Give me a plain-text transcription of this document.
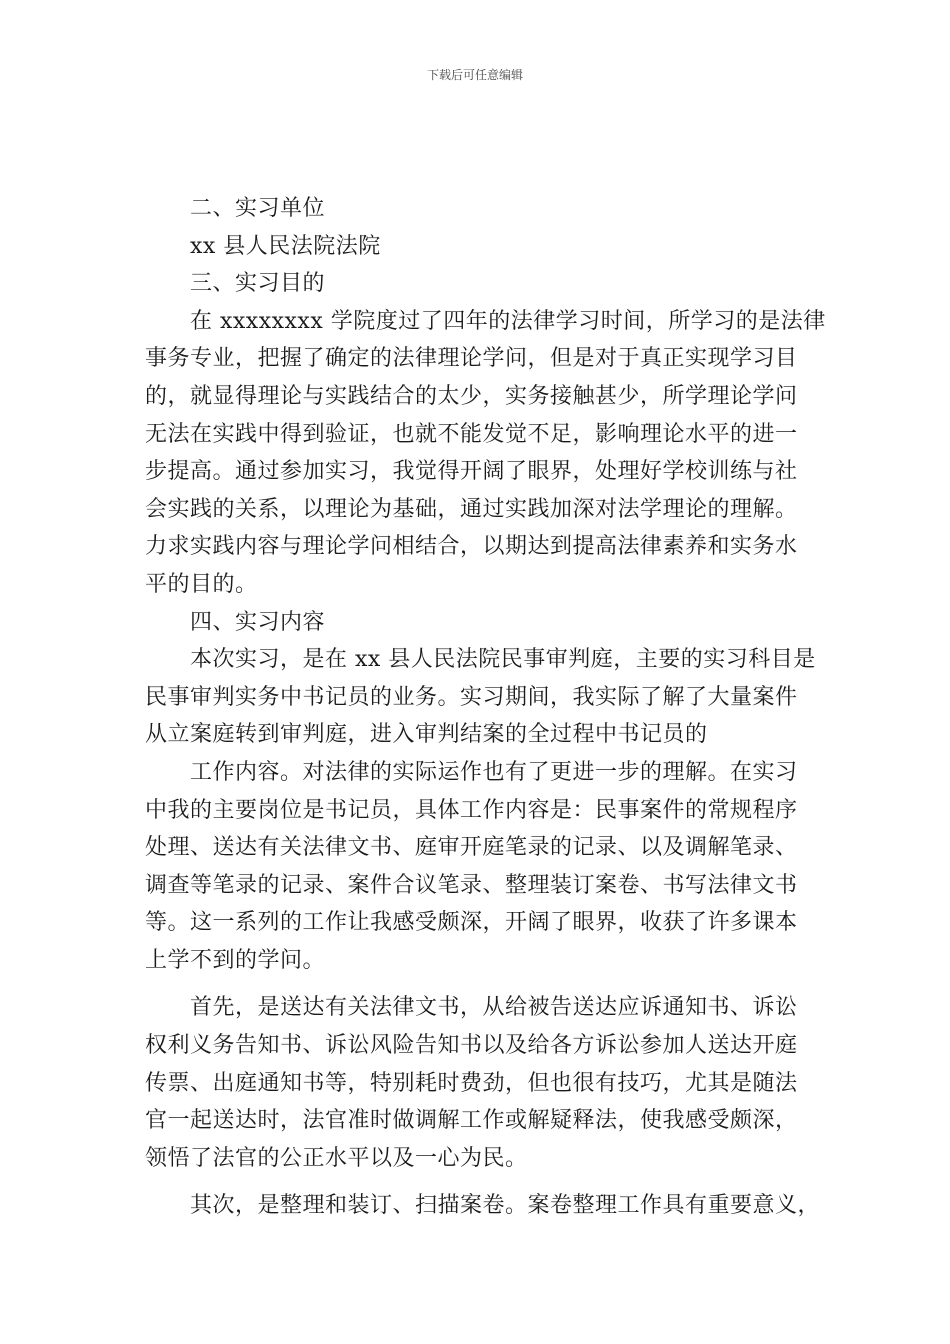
下载后可任意编辑
二、实习单位
xx 县人民法院法院
三、实习目的
在 xxxxxxxx 学院度过了四年的法律学习时间，所学习的是法律
事务专业，把握了确定的法律理论学问，但是对于真正实现学习目
的，就显得理论与实践结合的太少，实务接触甚少，所学理论学问
无法在实践中得到验证，也就不能发觉不足，影响理论水平的进一
步提高。通过参加实习，我觉得开阔了眼界，处理好学校训练与社
会实践的关系，以理论为基础，通过实践加深对法学理论的理解。
力求实践内容与理论学问相结合，以期达到提高法律素养和实务水
平的目的。
四、实习内容
本次实习，是在 xx 县人民法院民事审判庭，主要的实习科目是
民事审判实务中书记员的业务。实习期间，我实际了解了大量案件
从立案庭转到审判庭，进入审判结案的全过程中书记员的
工作内容。对法律的实际运作也有了更进一步的理解。在实习
中我的主要岗位是书记员，具体工作内容是：民事案件的常规程序
处理、送达有关法律文书、庭审开庭笔录的记录、以及调解笔录、
调查等笔录的记录、案件合议笔录、整理装订案卷、书写法律文书
等。这一系列的工作让我感受颇深，开阔了眼界，收获了许多课本
上学不到的学问。
首先，是送达有关法律文书，从给被告送达应诉通知书、诉讼
权利义务告知书、诉讼风险告知书以及给各方诉讼参加人送达开庭
传票、出庭通知书等，特别耗时费劲，但也很有技巧，尤其是随法
官一起送达时，法官准时做调解工作或解疑释法，使我感受颇深，
领悟了法官的公正水平以及一心为民。
其次，是整理和装订、扫描案卷。案卷整理工作具有重要意义，
